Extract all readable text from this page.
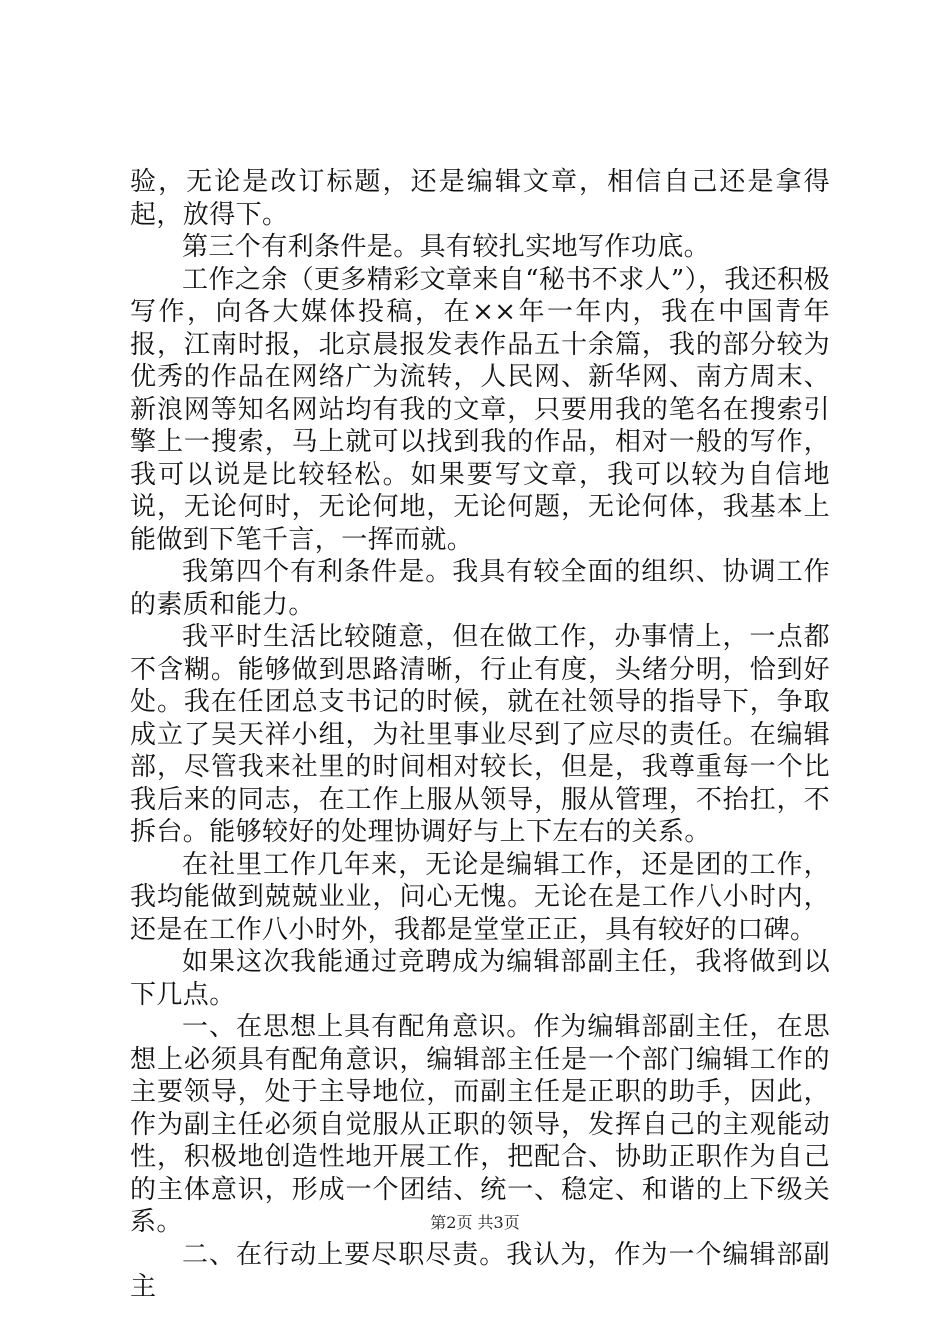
验，无论是改订标题，还是编辑文章，相信自己还是拿得起，放得下。

第三个有利条件是。具有较扎实地写作功底。

工作之余（更多精彩文章来自“秘书不求人”），我还积极写作，向各大媒体投稿，在××年一年内，我在中国青年报，江南时报，北京晨报发表作品五十余篇，我的部分较为优秀的作品在网络广为流转，人民网、新华网、南方周末、新浪网等知名网站均有我的文章，只要用我的笔名在搜索引擎上一搜索，马上就可以找到我的作品，相对一般的写作，我可以说是比较轻松。如果要写文章，我可以较为自信地说，无论何时，无论何地，无论何题，无论何体，我基本上能做到下笔千言，一挥而就。

我第四个有利条件是。我具有较全面的组织、协调工作的素质和能力。

我平时生活比较随意，但在做工作，办事情上，一点都不含糊。能够做到思路清晰，行止有度，头绪分明，恰到好处。我在任团总支书记的时候，就在社领导的指导下，争取成立了吴天祥小组，为社里事业尽到了应尽的责任。在编辑部，尽管我来社里的时间相对较长，但是，我尊重每一个比我后来的同志，在工作上服从领导，服从管理，不抬扛，不拆台。能够较好的处理协调好与上下左右的关系。

在社里工作几年来，无论是编辑工作，还是团的工作，我均能做到兢兢业业，问心无愧。无论在是工作八小时内，还是在工作八小时外，我都是堂堂正正，具有较好的口碑。

如果这次我能通过竞聘成为编辑部副主任，我将做到以下几点。

一、在思想上具有配角意识。作为编辑部副主任，在思想上必须具有配角意识，编辑部主任是一个部门编辑工作的主要领导，处于主导地位，而副主任是正职的助手，因此，作为副主任必须自觉服从正职的领导，发挥自己的主观能动性，积极地创造性地开展工作，把配合、协助正职作为自己的主体意识，形成一个团结、统一、稳定、和谐的上下级关系。

二、在行动上要尽职尽责。我认为，作为一个编辑部副主

第2页 共3页
